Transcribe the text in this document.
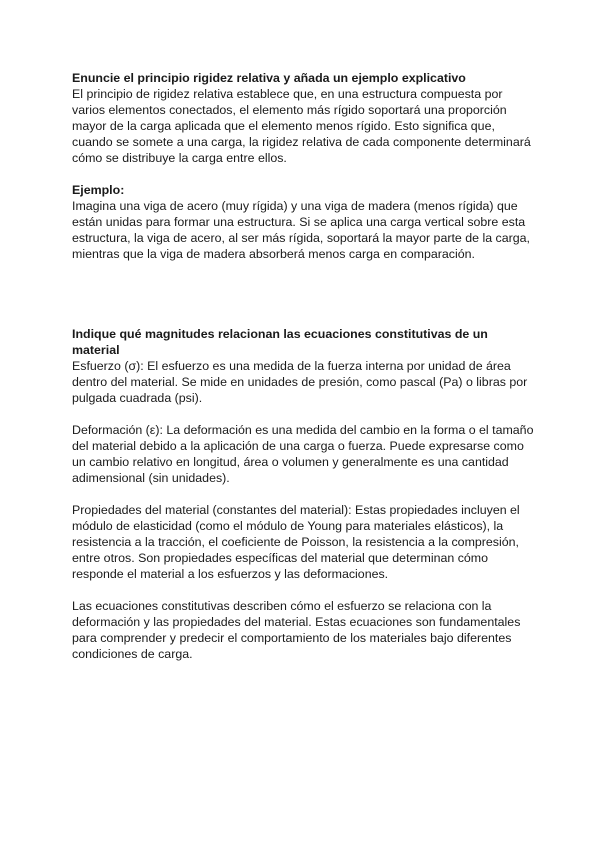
Enuncie el principio rigidez relativa y añada un ejemplo explicativo

El principio de rigidez relativa establece que, en una estructura compuesta por varios elementos conectados, el elemento más rígido soportará una proporción mayor de la carga aplicada que el elemento menos rígido. Esto significa que, cuando se somete a una carga, la rigidez relativa de cada componente determinará cómo se distribuye la carga entre ellos.

Ejemplo:

Imagina una viga de acero (muy rígida) y una viga de madera (menos rígida) que están unidas para formar una estructura. Si se aplica una carga vertical sobre esta estructura, la viga de acero, al ser más rígida, soportará la mayor parte de la carga, mientras que la viga de madera absorberá menos carga en comparación.

Indique qué magnitudes relacionan las ecuaciones constitutivas de un material

Esfuerzo (σ): El esfuerzo es una medida de la fuerza interna por unidad de área dentro del material. Se mide en unidades de presión, como pascal (Pa) o libras por pulgada cuadrada (psi).

Deformación (ε): La deformación es una medida del cambio en la forma o el tamaño del material debido a la aplicación de una carga o fuerza. Puede expresarse como un cambio relativo en longitud, área o volumen y generalmente es una cantidad adimensional (sin unidades).

Propiedades del material (constantes del material): Estas propiedades incluyen el módulo de elasticidad (como el módulo de Young para materiales elásticos), la resistencia a la tracción, el coeficiente de Poisson, la resistencia a la compresión, entre otros. Son propiedades específicas del material que determinan cómo responde el material a los esfuerzos y las deformaciones.

Las ecuaciones constitutivas describen cómo el esfuerzo se relaciona con la deformación y las propiedades del material. Estas ecuaciones son fundamentales para comprender y predecir el comportamiento de los materiales bajo diferentes condiciones de carga.
